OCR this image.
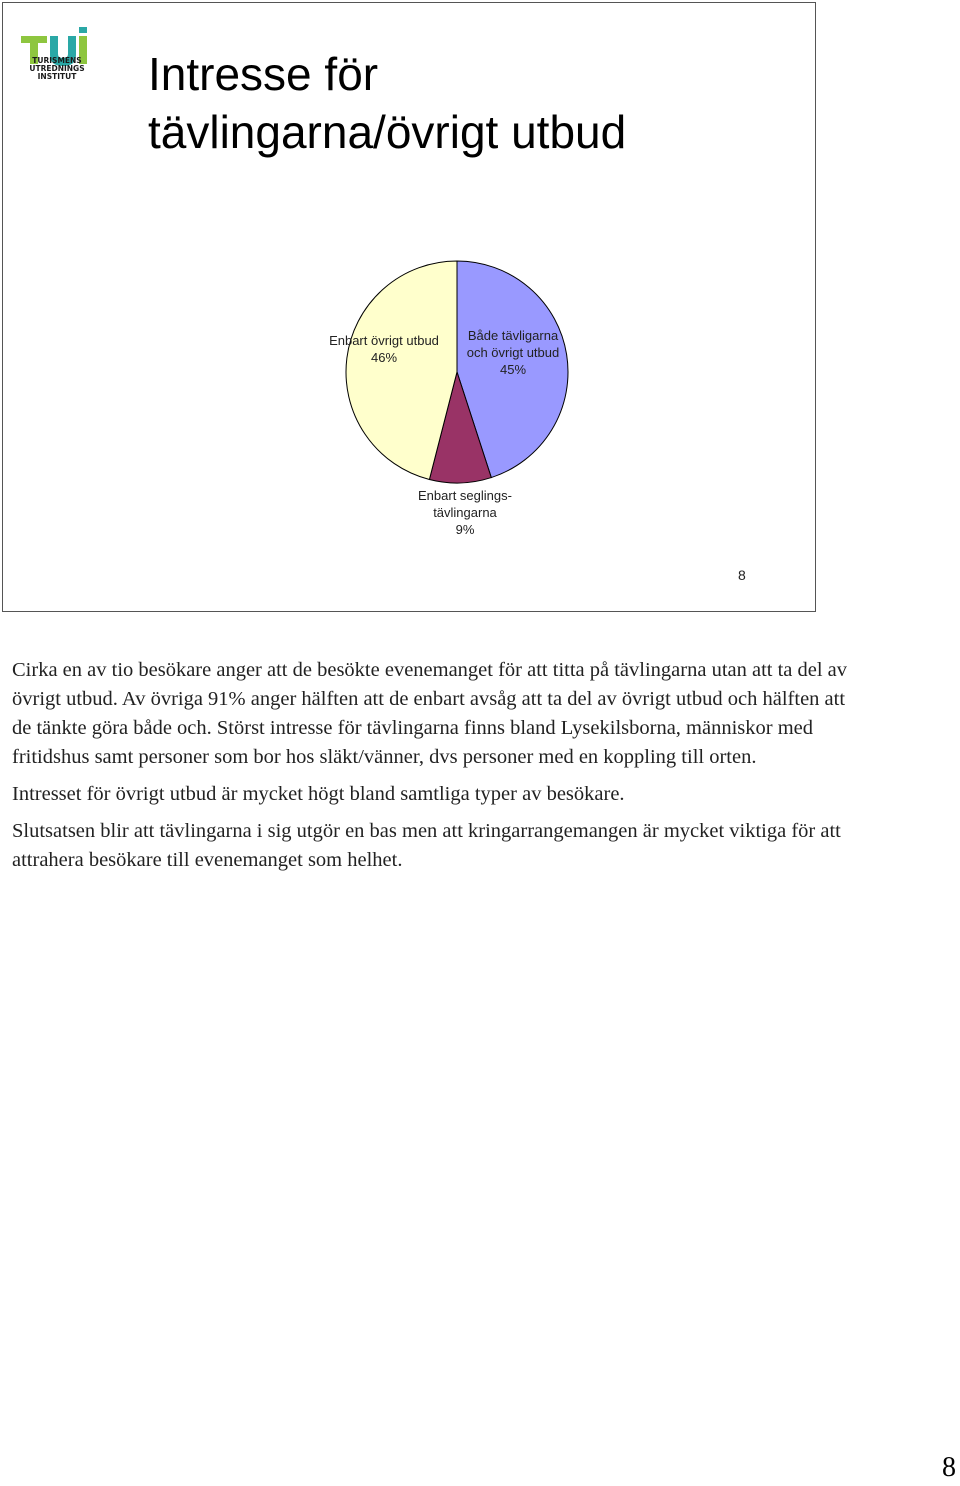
TURISMENS
UTREDNINGS
INSTITUT	Intresse för
tävlingarna/övrigt utbud
Både tävligarna
och övrigt utbud
45%
Enbart seglings-
tävlingarna
9%
Enbart övrigt utbud
46%
8

Cirka en av tio besökare anger att de besökte evenemanget för att titta på tävlingarna utan att ta del av övrigt utbud. Av övriga 91% anger hälften att de enbart avsåg att ta del av övrigt utbud och hälften att de tänkte göra både och. Störst intresse för tävlingarna finns bland Lysekilsborna, människor med fritidshus samt personer som bor hos släkt/vänner, dvs personer med en koppling till orten.

Intresset för övrigt utbud är mycket högt bland samtliga typer av besökare.

Slutsatsen blir att tävlingarna i sig utgör en bas men att kringarrangemangen är mycket viktiga för att attrahera besökare till evenemanget som helhet.

8
